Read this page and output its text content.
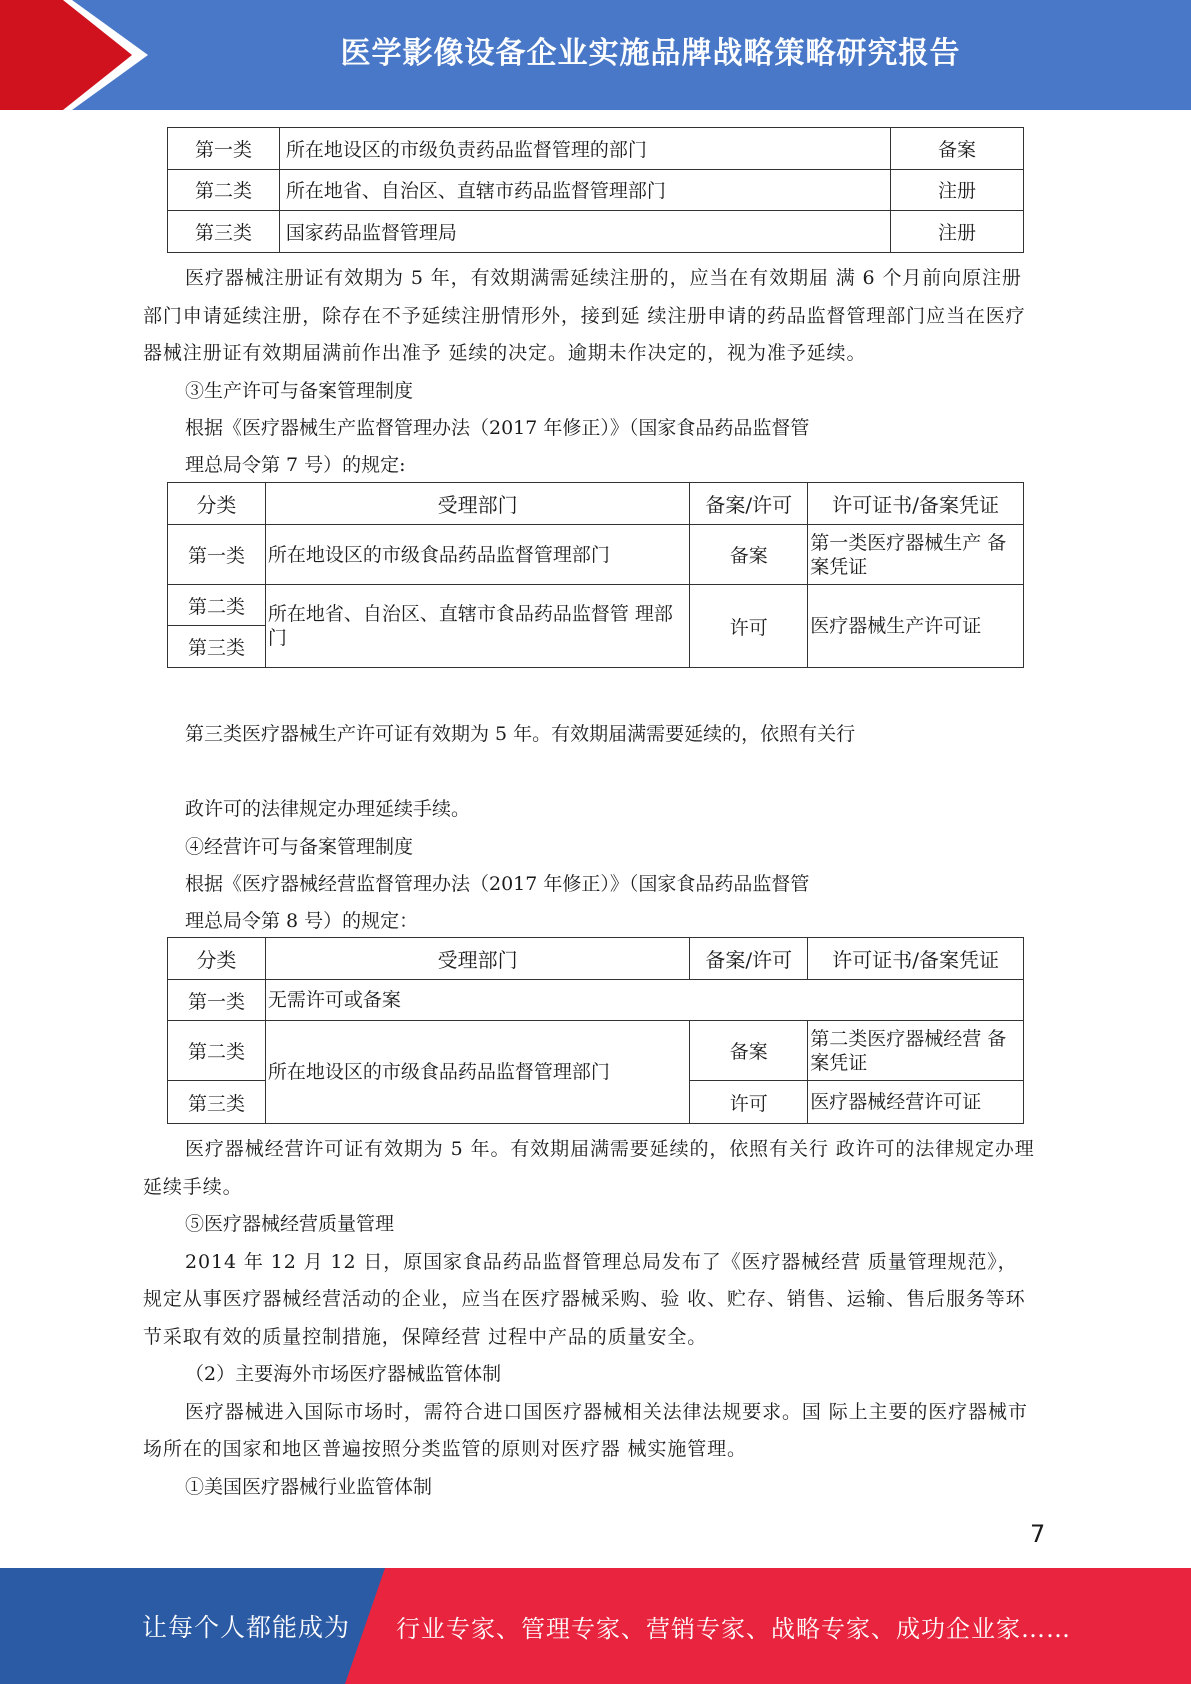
医学影像设备企业实施品牌战略策略研究报告
第一类	所在地设区的市级负责药品监督管理的部门	备案
第二类	所在地省、自治区、直辖市药品监督管理部门	注册
第三类	国家药品监督管理局	注册

医疗器械注册证有效期为 5 年，有效期满需延续注册的，应当在有效期届 满 6 个月前向原注册部门申请延续注册，除存在不予延续注册情形外，接到延 续注册申请的药品监督管理部门应当在医疗器械注册证有效期届满前作出准予 延续的决定。逾期未作决定的，视为准予延续。

③生产许可与备案管理制度

根据《医疗器械生产监督管理办法（2017 年修正）》（国家食品药品监督管

理总局令第 7 号）的规定:

分类	受理部门	备案/许可	许可证书/备案凭证
第一类	所在地设区的市级食品药品监督管理部门	备案	第一类医疗器械生产 备案凭证
第二类	所在地省、自治区、直辖市食品药品监督管 理部门	许可	医疗器械生产许可证
第三类			

第三类医疗器械生产许可证有效期为 5 年。有效期届满需要延续的，依照有关行

政许可的法律规定办理延续手续。

④经营许可与备案管理制度

根据《医疗器械经营监督管理办法（2017 年修正）》（国家食品药品监督管

理总局令第 8 号）的规定：

分类	受理部门	备案/许可	许可证书/备案凭证
第一类	无需许可或备案		
第二类	所在地设区的市级食品药品监督管理部门	备案	第二类医疗器械经营 备案凭证
第三类		许可	医疗器械经营许可证

医疗器械经营许可证有效期为 5 年。有效期届满需要延续的，依照有关行 政许可的法律规定办理延续手续。

⑤医疗器械经营质量管理

2014 年 12 月 12 日，原国家食品药品监督管理总局发布了《医疗器械经营 质量管理规范》，规定从事医疗器械经营活动的企业，应当在医疗器械采购、验 收、贮存、销售、运输、售后服务等环节采取有效的质量控制措施，保障经营 过程中产品的质量安全。

（2）主要海外市场医疗器械监管体制

医疗器械进入国际市场时，需符合进口国医疗器械相关法律法规要求。国 际上主要的医疗器械市场所在的国家和地区普遍按照分类监管的原则对医疗器 械实施管理。

①美国医疗器械行业监管体制

7
让每个人都能成为 行业专家、管理专家、营销专家、战略专家、成功企业家……
